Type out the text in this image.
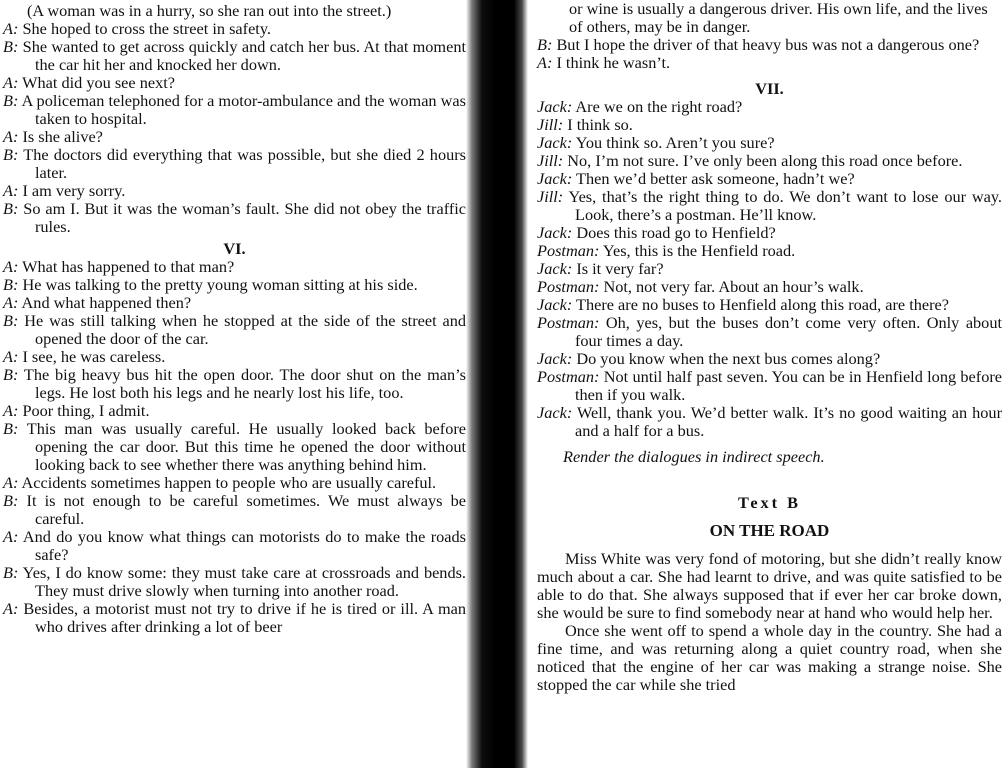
(A woman was in a hurry, so she ran out into the street.)

A: She hoped to cross the street in safety.

B: She wanted to get across quickly and catch her bus. At that moment the car hit her and knocked her down.

A: What did you see next?

B: A policeman telephoned for a motor-ambulance and the woman was taken to hospital.

A: Is she alive?

B: The doctors did everything that was possible, but she died 2 hours later.

A: I am very sorry.

B: So am I. But it was the woman’s fault. She did not obey the traffic rules.

VI.

A: What has happened to that man?

B: He was talking to the pretty young woman sitting at his side.

A: And what happened then?

B: He was still talking when he stopped at the side of the street and opened the door of the car.

A: I see, he was careless.

B: The big heavy bus hit the open door. The door shut on the man’s legs. He lost both his legs and he nearly lost his life, too.

A: Poor thing, I admit.

B: This man was usually careful. He usually looked back before opening the car door. But this time he opened the door without looking back to see whether there was anything behind him.

A: Accidents sometimes happen to people who are usually careful.

B: It is not enough to be careful sometimes. We must always be careful.

A: And do you know what things can motorists do to make the roads safe?

B: Yes, I do know some: they must take care at crossroads and bends. They must drive slowly when turning into another road.

A: Besides, a motorist must not try to drive if he is tired or ill. A man who drives after drinking a lot of beer

or wine is usually a dangerous driver. His own life, and the lives of others, may be in danger.

B: But I hope the driver of that heavy bus was not a dangerous one?

A: I think he wasn’t.

VII.

Jack: Are we on the right road?

Jill: I think so.

Jack: You think so. Aren’t you sure?

Jill: No, I’m not sure. I’ve only been along this road once before.

Jack: Then we’d better ask someone, hadn’t we?

Jill: Yes, that’s the right thing to do. We don’t want to lose our way. Look, there’s a postman. He’ll know.

Jack: Does this road go to Henfield?

Postman: Yes, this is the Henfield road.

Jack: Is it very far?

Postman: Not, not very far. About an hour’s walk.

Jack: There are no buses to Henfield along this road, are there?

Postman: Oh, yes, but the buses don’t come very often. Only about four times a day.

Jack: Do you know when the next bus comes along?

Postman: Not until half past seven. You can be in Henfield long before then if you walk.

Jack: Well, thank you. We’d better walk. It’s no good waiting an hour and a half for a bus.

Render the dialogues in indirect speech.

Text B

ON THE ROAD

Miss White was very fond of motoring, but she didn’t really know much about a car. She had learnt to drive, and was quite satisfied to be able to do that. She always supposed that if ever her car broke down, she would be sure to find somebody near at hand who would help her.

Once she went off to spend a whole day in the country. She had a fine time, and was returning along a quiet country road, when she noticed that the engine of her car was making a strange noise. She stopped the car while she tried
